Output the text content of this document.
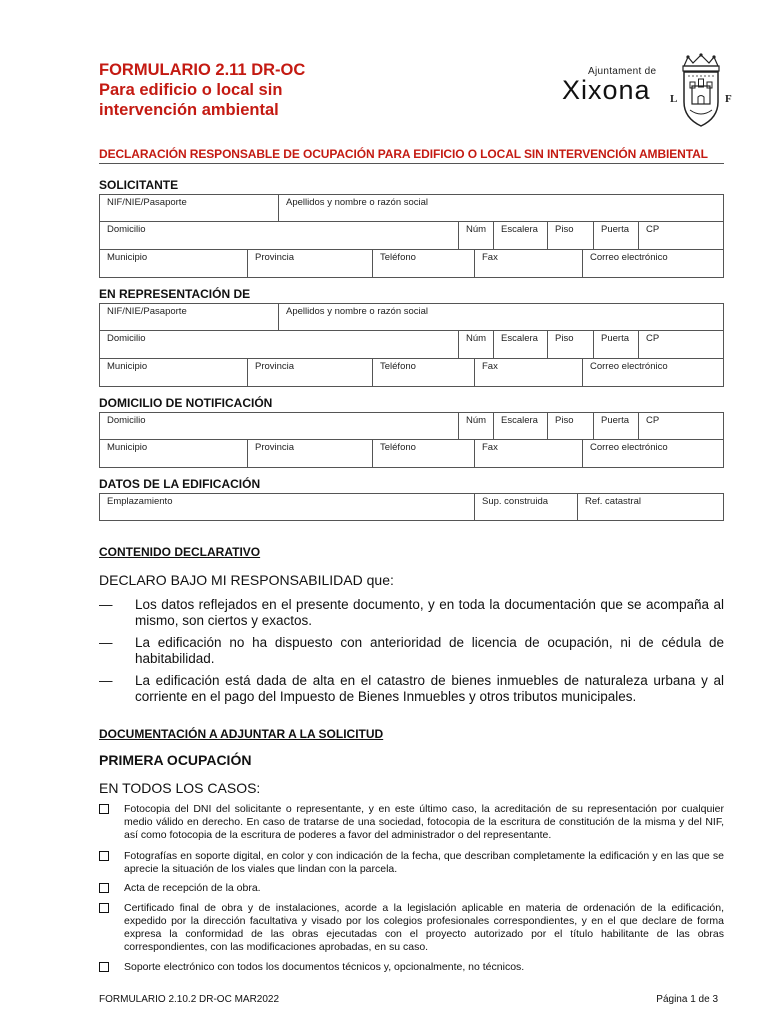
FORMULARIO 2.11 DR-OC
Para edificio o local sin
intervención ambiental
Ajuntament de
Xixona	L	F
DECLARACIÓN RESPONSABLE DE OCUPACIÓN PARA EDIFICIO O LOCAL SIN INTERVENCIÓN AMBIENTAL
SOLICITANTE
NIF/NIE/Pasaporte	Apellidos y nombre o razón social
Domicilio	Núm	Escalera	Piso	Puerta	CP
Municipio	Provincia	Teléfono	Fax	Correo electrónico
EN REPRESENTACIÓN DE
NIF/NIE/Pasaporte	Apellidos y nombre o razón social
Domicilio	Núm	Escalera	Piso	Puerta	CP
Municipio	Provincia	Teléfono	Fax	Correo electrónico
DOMICILIO DE NOTIFICACIÓN
Domicilio	Núm	Escalera	Piso	Puerta	CP
Municipio	Provincia	Teléfono	Fax	Correo electrónico
DATOS DE LA EDIFICACIÓN
Emplazamiento	Sup. construida	Ref. catastral
CONTENIDO DECLARATIVO
DECLARO BAJO MI RESPONSABILIDAD que:
—	Los datos reflejados en el presente documento, y en toda la documentación que se acompaña al mismo, son ciertos y exactos.
—	La edificación no ha dispuesto con anterioridad de licencia de ocupación, ni de cédula de habitabilidad.
—	La edificación está dada de alta en el catastro de bienes inmuebles de naturaleza urbana y al corriente en el pago del Impuesto de Bienes Inmuebles y otros tributos municipales.
DOCUMENTACIÓN A ADJUNTAR A LA SOLICITUD
PRIMERA OCUPACIÓN
EN TODOS LOS CASOS:
Fotocopia del DNI del solicitante o representante, y en este último caso, la acreditación de su representación por cualquier medio válido en derecho. En caso de tratarse de una sociedad, fotocopia de la escritura de constitución de la misma y del NIF, así como fotocopia de la escritura de poderes a favor del administrador o del representante.
Fotografías en soporte digital, en color y con indicación de la fecha, que describan completamente la edificación y en las que se aprecie la situación de los viales que lindan con la parcela.
Acta de recepción de la obra.
Certificado final de obra y de instalaciones, acorde a la legislación aplicable en materia de ordenación de la edificación, expedido por la dirección facultativa y visado por los colegios profesionales correspondientes, y en el que declare de forma expresa la conformidad de las obras ejecutadas con el proyecto autorizado por el título habilitante de las obras correspondientes, con las modificaciones aprobadas, en su caso.
Soporte electrónico con todos los documentos técnicos y, opcionalmente, no técnicos.
FORMULARIO 2.10.2 DR-OC MAR2022	Página 1 de 3
